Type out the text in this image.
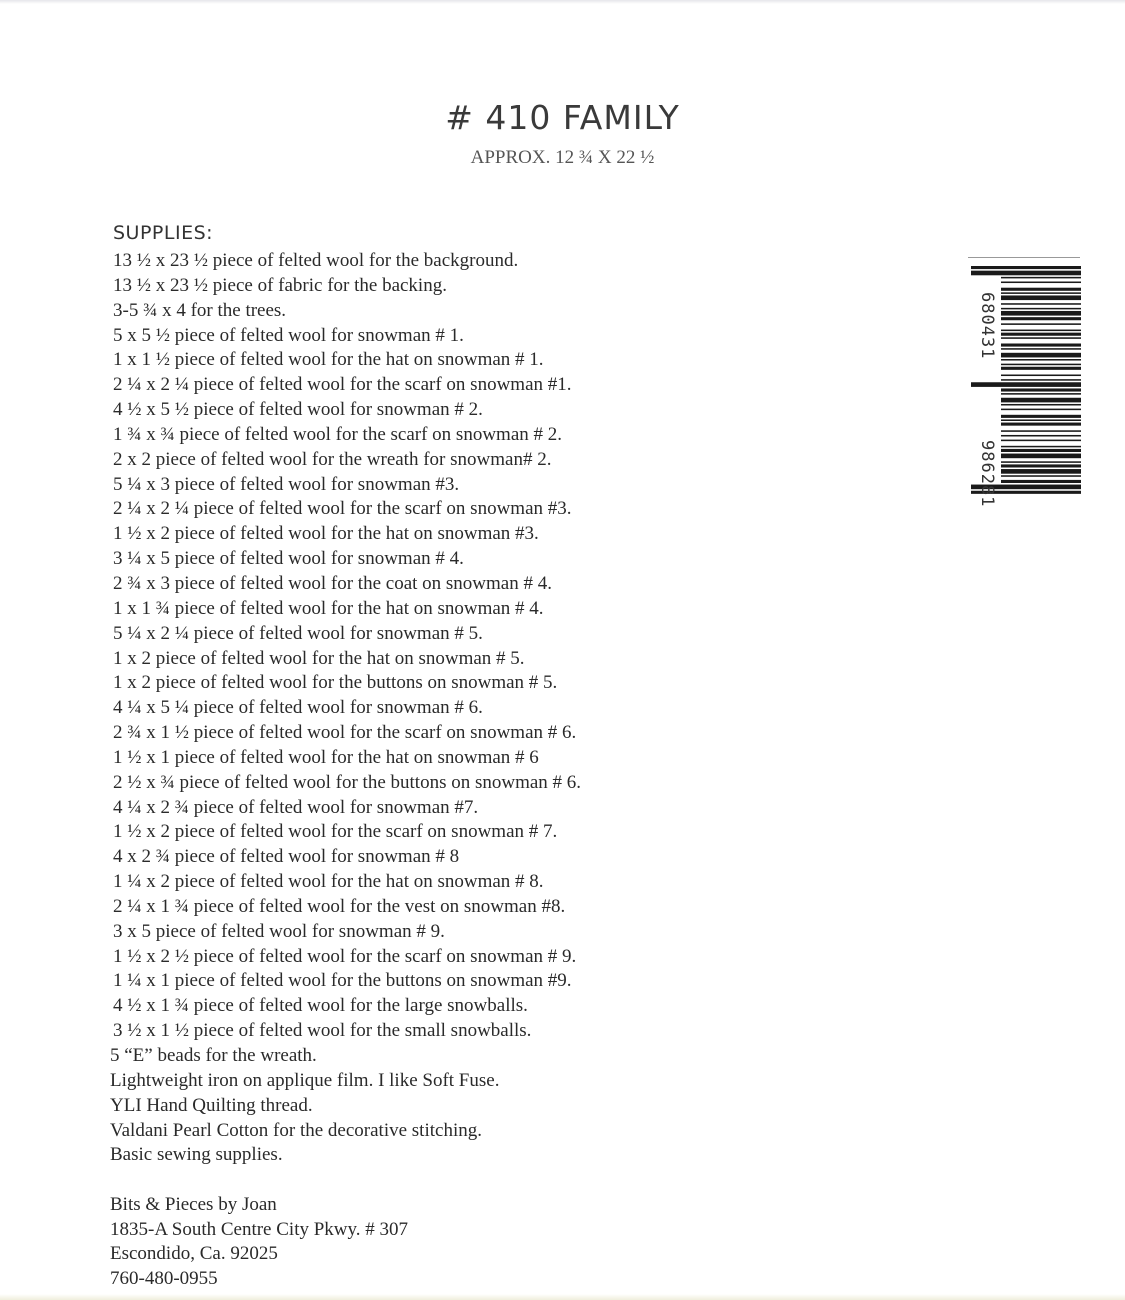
# 410 FAMILY
APPROX. 12 ¾ X 22 ½
SUPPLIES:
13 ½ x 23 ½ piece of felted wool for the background.
13 ½ x 23 ½ piece of fabric for the backing.
3-5 ¾ x 4 for the trees.
5 x 5 ½ piece of felted wool for snowman # 1.
1 x 1 ½ piece of felted wool for the hat on snowman # 1.
2 ¼ x 2 ¼ piece of felted wool for the scarf on snowman #1.
4 ½ x 5 ½ piece of felted wool for snowman # 2.
1 ¾ x ¾ piece of felted wool for the scarf on snowman # 2.
2 x 2 piece of felted wool for the wreath for snowman# 2.
5 ¼ x 3 piece of felted wool for snowman #3.
2 ¼ x 2 ¼ piece of felted wool for the scarf on snowman #3.
1 ½ x 2 piece of felted wool for the hat on snowman #3.
3 ¼ x 5 piece of felted wool for snowman # 4.
2 ¾ x 3 piece of felted wool for the coat on snowman # 4.
1 x 1 ¾ piece of felted wool for the hat on snowman # 4.
5 ¼ x 2 ¼ piece of felted wool for snowman # 5.
1 x 2 piece of felted wool for the hat on snowman # 5.
1 x 2 piece of felted wool for the buttons on snowman # 5.
4 ¼ x 5 ¼ piece of felted wool for snowman # 6.
2 ¾ x 1 ½ piece of felted wool for the scarf on snowman # 6.
1 ½ x 1 piece of felted wool for the hat on snowman # 6
2 ½ x ¾ piece of felted wool for the buttons on snowman # 6.
4 ¼ x 2 ¾ piece of felted wool for snowman #7.
1 ½ x 2 piece of felted wool for the scarf on snowman # 7.
4 x 2 ¾ piece of felted wool for snowman # 8
1 ¼ x 2 piece of felted wool for the hat on snowman # 8.
2 ¼ x 1 ¾ piece of felted wool for the vest on snowman #8.
3 x 5 piece of felted wool for snowman # 9.
1 ½ x 2 ½ piece of felted wool for the scarf on snowman # 9.
1 ¼ x 1 piece of felted wool for the buttons on snowman #9.
4 ½ x 1 ¾ piece of felted wool for the large snowballs.
3 ½ x 1 ½ piece of felted wool for the small snowballs.
5 “E” beads for the wreath.
Lightweight iron on applique film. I like Soft Fuse.
YLI Hand Quilting thread.
Valdani Pearl Cotton for the decorative stitching.
Basic sewing supplies.
Bits & Pieces by Joan
1835-A South Centre City Pkwy. # 307
Escondido, Ca. 92025
760-480-0955
680431
986281
